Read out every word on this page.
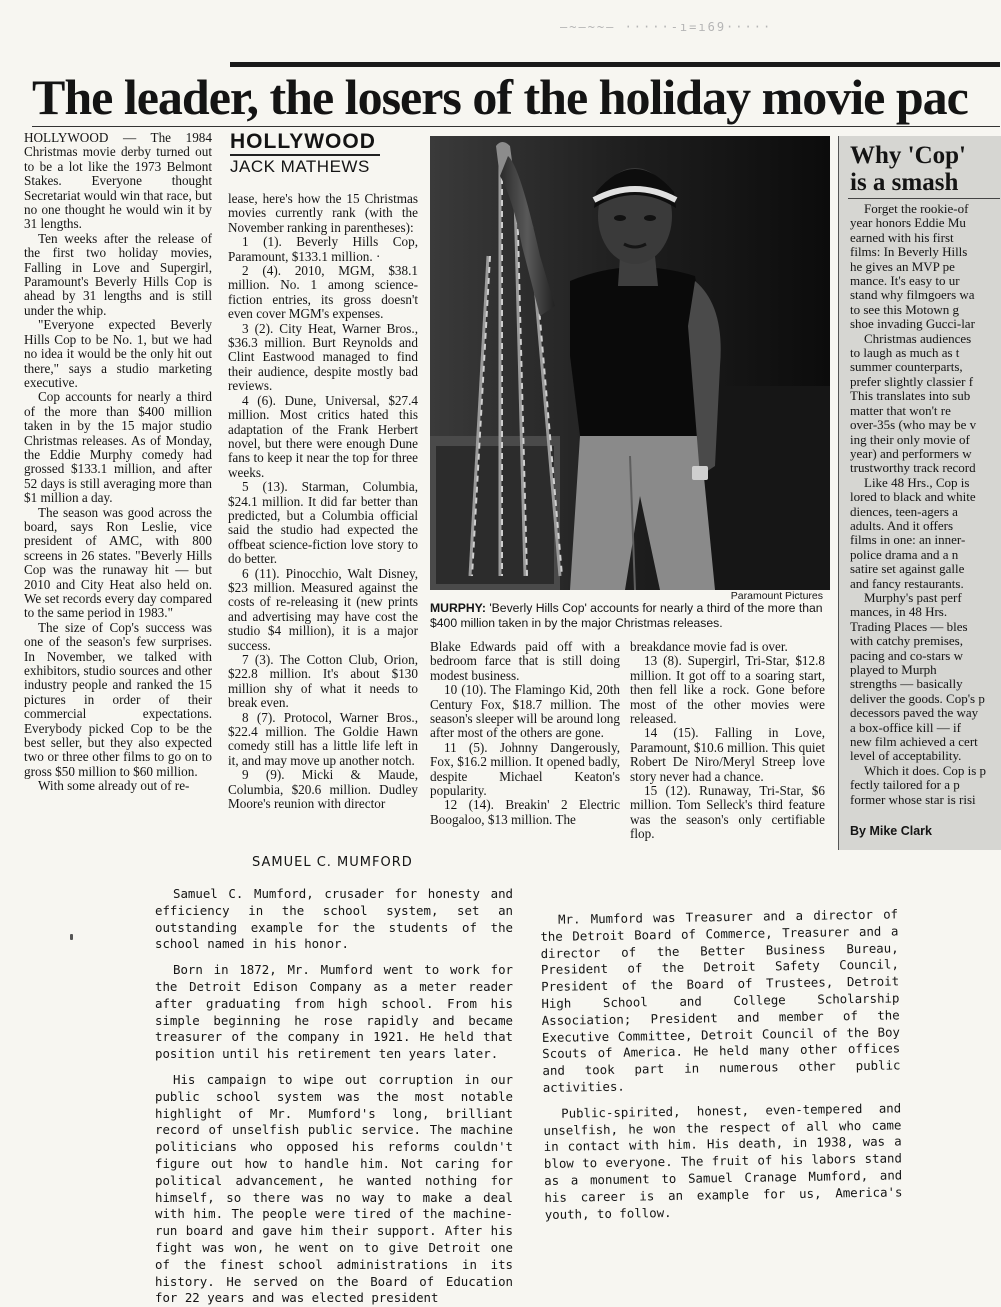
—~—~~— ·····-ı=ı69·····
The leader, the losers of the holiday movie pac

HOLLYWOOD — The 1984 Christmas movie derby turned out to be a lot like the 1973 Belmont Stakes. Everyone thought Secretariat would win that race, but no one thought he would win it by 31 lengths.

Ten weeks after the release of the first two holiday movies, Falling in Love and Supergirl, Paramount's Beverly Hills Cop is ahead by 31 lengths and is still under the whip.

"Everyone expected Beverly Hills Cop to be No. 1, but we had no idea it would be the only hit out there," says a studio marketing executive.

Cop accounts for nearly a third of the more than $400 million taken in by the 15 major studio Christmas releases. As of Monday, the Eddie Murphy comedy had grossed $133.1 million, and after 52 days is still averaging more than $1 million a day.

The season was good across the board, says Ron Leslie, vice president of AMC, with 800 screens in 26 states. "Beverly Hills Cop was the runaway hit — but 2010 and City Heat also held on. We set records every day compared to the same period in 1983."

The size of Cop's success was one of the season's few surprises. In November, we talked with exhibitors, studio sources and other industry people and ranked the 15 pictures in order of their commercial expectations. Everybody picked Cop to be the best seller, but they also expected two or three other films to go on to gross $50 million to $60 million.

With some already out of re-

HOLLYWOOD
JACK MATHEWS

lease, here's how the 15 Christmas movies currently rank (with the November ranking in parentheses):

1 (1). Beverly Hills Cop, Paramount, $133.1 million. ·

2 (4). 2010, MGM, $38.1 million. No. 1 among science-fiction entries, its gross doesn't even cover MGM's expenses.

3 (2). City Heat, Warner Bros., $36.3 million. Burt Reynolds and Clint Eastwood managed to find their audience, despite mostly bad reviews.

4 (6). Dune, Universal, $27.4 million. Most critics hated this adaptation of the Frank Herbert novel, but there were enough Dune fans to keep it near the top for three weeks.

5 (13). Starman, Columbia, $24.1 million. It did far better than predicted, but a Columbia official said the studio had expected the offbeat science-fiction love story to do better.

6 (11). Pinocchio, Walt Disney, $23 million. Measured against the costs of re-releasing it (new prints and advertising may have cost the studio $4 million), it is a major success.

7 (3). The Cotton Club, Orion, $22.8 million. It's about $130 million shy of what it needs to break even.

8 (7). Protocol, Warner Bros., $22.4 million. The Goldie Hawn comedy still has a little life left in it, and may move up another notch.

9 (9). Micki & Maude, Columbia, $20.6 million. Dudley Moore's reunion with director

Paramount Pictures
MURPHY: 'Beverly Hills Cop' accounts for nearly a third of the more than $400 million taken in by the major Christmas releases.

Blake Edwards paid off with a bedroom farce that is still doing modest business.

10 (10). The Flamingo Kid, 20th Century Fox, $18.7 million. The season's sleeper will be around long after most of the others are gone.

11 (5). Johnny Dangerously, Fox, $16.2 million. It opened badly, despite Michael Keaton's popularity.

12 (14). Breakin' 2 Electric Boogaloo, $13 million. The

breakdance movie fad is over.

13 (8). Supergirl, Tri-Star, $12.8 million. It got off to a soaring start, then fell like a rock. Gone before most of the other movies were released.

14 (15). Falling in Love, Paramount, $10.6 million. This quiet Robert De Niro/Meryl Streep love story never had a chance.

15 (12). Runaway, Tri-Star, $6 million. Tom Selleck's third feature was the season's only certifiable flop.

Why 'Cop'
is a smash

Forget the rookie-of
year honors Eddie Mu
earned with his first
films: In Beverly Hills
he gives an MVP pe
mance. It's easy to ur
stand why filmgoers wa
to see this Motown g
shoe invading Gucci-lar

Christmas audiences
to laugh as much as t
summer counterparts,
prefer slightly classier f
This translates into sub
matter that won't re
over-35s (who may be v
ing their only movie of
year) and performers w
trustworthy track record

Like 48 Hrs., Cop is
lored to black and white
diences, teen-agers a
adults. And it offers
films in one: an inner-
police drama and a n
satire set against galle
and fancy restaurants.

Murphy's past perf
mances, in 48 Hrs.
Trading Places — bles
with catchy premises,
pacing and co-stars w
played to Murph
strengths — basically
deliver the goods. Cop's p
decessors paved the way
a box-office kill — if
new film achieved a cert
level of acceptability.

Which it does. Cop is p
fectly tailored for a p
former whose star is risi

By Mike Clark
SAMUEL C. MUMFORD

Samuel C. Mumford, crusader for honesty and efficiency in the school system, set an outstanding example for the students of the school named in his honor.

Born in 1872, Mr. Mumford went to work for the Detroit Edison Company as a meter reader after graduating from high school. From his simple beginning he rose rapidly and became treasurer of the company in 1921. He held that position until his retirement ten years later.

His campaign to wipe out corruption in our public school system was the most notable highlight of Mr. Mumford's long, brilliant record of unselfish public service. The machine politicians who opposed his reforms couldn't figure out how to handle him. Not caring for political advancement, he wanted nothing for himself, so there was no way to make a deal with him. The people were tired of the machine-run board and gave him their support. After his fight was won, he went on to give Detroit one of the finest school administrations in its history. He served on the Board of Education for 22 years and was elected president

Mr. Mumford was Treasurer and a director of the Detroit Board of Commerce, Treasurer and a director of the Better Business Bureau, President of the Detroit Safety Council, President of the Board of Trustees, Detroit High School and College Scholarship Association; President and member of the Executive Committee, Detroit Council of the Boy Scouts of America. He held many other offices and took part in numerous other public activities.

Public-spirited, honest, even-tempered and unselfish, he won the respect of all who came in contact with him. His death, in 1938, was a blow to everyone. The fruit of his labors stand as a monument to Samuel Cranage Mumford, and his career is an example for us, America's youth, to follow.
